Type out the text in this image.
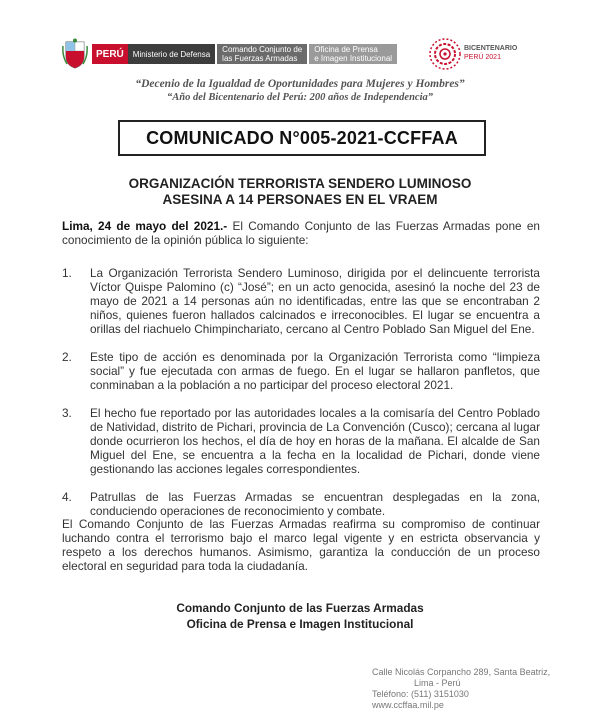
PERÚ	Ministerio de Defensa	Comando Conjunto de
las Fuerzas Armadas
Oficina de Prensa
e Imagen Institucional
BICENTENARIO
PERÚ 2021
“Decenio de la Igualdad de Oportunidades para Mujeres y Hombres”
“Año del Bicentenario del Perú: 200 años de Independencia”
COMUNICADO N°005-2021-CCFFAA
ORGANIZACIÓN TERRORISTA SENDERO LUMINOSO
ASESINA A 14 PERSONAES EN EL VRAEM
Lima, 24 de mayo del 2021.- El Comando Conjunto de las Fuerzas Armadas pone en conocimiento de la opinión pública lo siguiente:
1.	La Organización Terrorista Sendero Luminoso, dirigida por el delincuente terrorista Víctor Quispe Palomino (c) “José”; en un acto genocida, asesinó la noche del 23 de mayo de 2021 a 14 personas aún no identificadas, entre las que se encontraban 2 niños, quienes fueron hallados calcinados e irreconocibles. El lugar se encuentra a orillas del riachuelo Chimpinchariato, cercano al Centro Poblado San Miguel del Ene.
2.	Este tipo de acción es denominada por la Organización Terrorista como “limpieza social” y fue ejecutada con armas de fuego. En el lugar se hallaron panfletos, que conminaban a la población a no participar del proceso electoral 2021.
3.	El hecho fue reportado por las autoridades locales a la comisaría del Centro Poblado de Natividad, distrito de Pichari, provincia de La Convención (Cusco); cercana al lugar donde ocurrieron los hechos, el día de hoy en horas de la mañana. El alcalde de San Miguel del Ene, se encuentra a la fecha en la localidad de Pichari, donde viene gestionando las acciones legales correspondientes.
4.	Patrullas de las Fuerzas Armadas se encuentran desplegadas en la zona, conduciendo operaciones de reconocimiento y combate.
El Comando Conjunto de las Fuerzas Armadas reafirma su compromiso de continuar luchando contra el terrorismo bajo el marco legal vigente y en estricta observancia y respeto a los derechos humanos. Asimismo, garantiza la conducción de un proceso electoral en seguridad para toda la ciudadanía.
Comando Conjunto de las Fuerzas Armadas
Oficina de Prensa e Imagen Institucional
Calle Nicolás Corpancho 289, Santa Beatriz,
Lima - Perú
Teléfono: (511) 3151030
www.ccffaa.mil.pe
